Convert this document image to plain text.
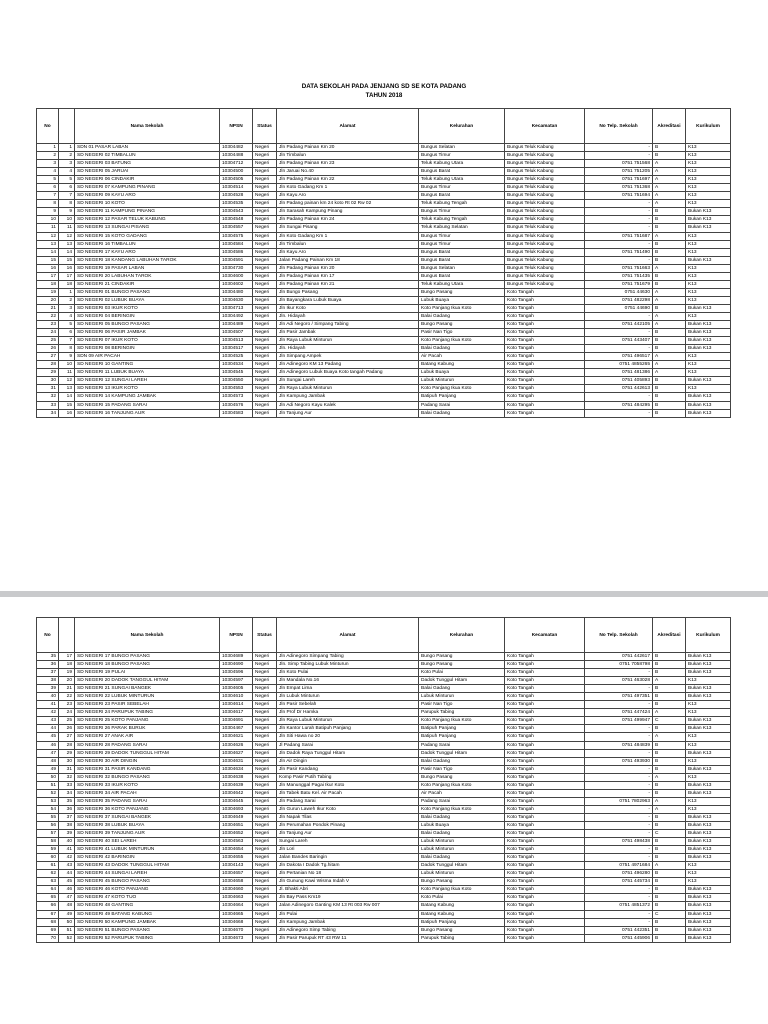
DATA SEKOLAH PADA JENJANG SD SE KOTA PADANG
TAHUN 2018
No		Nama Sekolah	NPSN	Status	Alamat	Kelurahan	Kecamatan	No Telp. Sekolah	Akreditasi	Kurikulum
1	1	SDN 01 PASAR LABAN	10304482	Negeri	Jln Padang Painan Km 20	Bungus Selatan	Bungus Teluk Kabung	-	B	K13
2	2	SD NEGERI 02 TIMBALUN	10304488	Negeri	Jln Timbalun	Bungus Timur	Bungus Teluk Kabung	-	B	K13
3	3	SD NEGERI 03 BATUNG	10304712	Negeri	Jln Padang Painan Km 23	Teluk Kabung Utara	Bungus Teluk Kabung	0751 751568	A	K13
4	4	SD NEGERI 05 JARUAI	10304500	Negeri	Jln Jaruai No.40	Bungus Barat	Bungus Teluk Kabung	0751 751205	A	K13
5	5	SD NEGERI 06 CINDAKIR	10304505	Negeri	Jln Padang Painan Km 22	Teluk Kabung Utara	Bungus Teluk Kabung	0751 751697	A	K13
6	6	SD NEGERI 07 KAMPUNG PINANG	10304514	Negeri	Jln Koto Gadang Km 1	Bungus Timur	Bungus Teluk Kabung	0751 751368	A	K13
7	7	SD NEGERI 09 KAYU ARO	10304528	Negeri	Jln Kayu Aro	Bungus Barat	Bungus Teluk Kabung	0751 751694	A	K13
8	8	SD NEGERI 10 KOTO	10304535	Negeri	Jln Padang painan km 24 koto Rt 02 Rw 02	Teluk Kabung Tengah	Bungus Teluk Kabung	-	A	K13
9	9	SD NEGERI 11 KAMPUNG PINANG	10304543	Negeri	Jln Sarasah Kampung Pinang	Bungus Timur	Bungus Teluk Kabung	-	B	Bukan K13
10	10	SD NEGERI 12 PASAR TELUK KABUNG	10304548	Negeri	Jln Padang Painan Km 24	Teluk Kabung Tengah	Bungus Teluk Kabung	-	B	Bukan K13
11	11	SD NEGERI 13 SUNGAI PISANG	10304557	Negeri	Jln Sungai Pisang	Teluk Kabung Selatan	Bungus Teluk Kabung	-	B	Bukan K13
12	12	SD NEGERI 15 KOTO GADANG	10304575	Negeri	Jln Koto Gadang Km 1	Bungus Timur	Bungus Teluk Kabung	0751 751687	A	K13
13	13	SD NEGERI 16 TIMBALUN	10304584	Negeri	Jln Timbalun	Bungus Timur	Bungus Teluk Kabung	-	B	K13
14	14	SD NEGERI 17 KAYU ARO	10304586	Negeri	Jln Kayu Aro	Bungus Barat	Bungus Teluk Kabung	0751 751490	B	K13
15	15	SD NEGERI 18 KANDANG LABUHAN TAROK	10304591	Negeri	Jalan Padang Painan Km 18	Bungus Barat	Bungus Teluk Kabung	-	B	Bukan K13
16	16	SD NEGERI 19 PASAR LABAN	10304730	Negeri	Jln Padang Painan Km 20	Bungus Selatan	Bungus Teluk Kabung	0751 751663	A	K13
17	17	SD NEGERI 20 LABUHAN TAROK	10304600	Negeri	Jln Padang Painan Km 17	Bungus Barat	Bungus Teluk Kabung	0751 751435	B	K13
18	18	SD NEGERI 21 CINDAKIR	10304602	Negeri	Jln Padang Painan Km 21	Teluk Kabung Utara	Bungus Teluk Kabung	0751 751679	B	K13
19	1	SD NEGERI 01 BUNGO PASANG	10304480	Negeri	Jln Bungo Pasang	Bungo Pasang	Koto Tangah	0751 44630	A	K13
20	2	SD NEGERI 02 LUBUK BUAYA	10304630	Negeri	Jln Bayangkara Lubuk Buaya	Lubuk Buaya	Koto Tangah	0751 482298	A	K13
21	3	SD NEGERI 03 IKUR KOTO	10304713	Negeri	Jln Ikur Koto	Koto Panjang Ikua Koto	Koto Tangah	0751 44690	B	Bukan K13
22	4	SD NEGERI 04 BERINGIN	10304492	Negeri	Jln. Hidayah	Balai Gadang	Koto Tangah	-	A	K13
23	5	SD NEGERI 05 BUNGO PASANG	10304489	Negeri	Jln Adi Negoro / Simpang Tabing	Bungo Pasang	Koto Tangah	0751 442105	A	Bukan K13
24	6	SD NEGERI 06 PASIR JAMBAK	10304507	Negeri	Jln Pasir Jambak	Pasir Nan Tigo	Koto Tangah	-	B	Bukan K13
25	7	SD NEGERI 07 IKUR KOTO	10304513	Negeri	Jln Raya Lubuk Minturun	Koto Panjang Ikua Koto	Koto Tangah	0751 443407	B	Bukan K13
26	8	SD NEGERI 08 BERINGIN	10304517	Negeri	Jln. Hidayah	Balai Gadang	Koto Tangah	-	B	Bukan K13
27	9	SDN 09 AIR PACAH	10304525	Negeri	Jln Simpang Ampek	Air Pacah	Koto Tangah	0751 496517	A	K13
28	10	SD NEGERI 10 GANTING	10304534	Negeri	Jln Adinegoro KM 13 Padang	Batang Kabung	Koto Tangah	0751 4855265	A	K13
29	11	SD NEGERI 11 LUBUK BUAYA	10304545	Negeri	Jln Adinegoro Lubuk Buaya Koto tangah Padang	Lubuk Buaya	Koto Tangah	0751 481386	A	K13
30	12	SD NEGERI 12 SUNGAI LAREH	10304550	Negeri	Jln Sungai Lareh	Lubuk Minturun	Koto Tangah	0751 405893	B	Bukan K13
31	13	SD NEGERI 13 IKUR KOTO	10304553	Negeri	Jln Raya Lubuk Minturun	Koto Panjang Ikua Koto	Koto Tangah	0751 442613	B	K13
32	14	SD NEGERI 14 KAMPUNG JAMBAK	10304573	Negeri	Jln Kampung Jambak	Batipuh Panjang	Koto Tangah	-	B	Bukan K13
33	15	SD NEGERI 15 PADANG SARAI	10304576	Negeri	Jln Adi Negoro Kayu Kalek	Padang Sarai	Koto Tangah	0751 484295	B	Bukan K13
34	16	SD NEGERI 16 TANJUNG AUR	10304583	Negeri	Jln Tanjung Aur	Balai Gadang	Koto Tangah	-	B	Bukan K13
No		Nama Sekolah	NPSN	Status	Alamat	Kelurahan	Kecamatan	No Telp. Sekolah	Akreditasi	Kurikulum
35	17	SD NEGERI 17 BUNGO PASANG	10304689	Negeri	Jln Adinegoro Simpang Tabing	Bungo Pasang	Koto Tangah	0751 442617	B	Bukan K13
36	18	SD NEGERI 18 BUNGO PASANG	10304690	Negeri	Jln. Simp Tabing Lubuk Minturun	Bungo Pasang	Koto Tangah	0751 7058798	B	Bukan K13
37	19	SD NEGERI 19 PULAI	10304596	Negeri	Jln Koto Pulai	Koto Pulai	Koto Tangah	-	B	Bukan K13
38	20	SD NEGERI 20 DADOK TANGGUL HITAM	10304597	Negeri	Jln Mandala No.16	Dadok Tunggul Hitam	Koto Tangah	0751 463028	A	K13
39	21	SD NEGERI 21 SUNGAI BANGEK	10304605	Negeri	Jln Empat Lima	Balai Gadang	Koto Tangah	-	B	Bukan K13
40	22	SD NEGERI 22 LUBUK MINTURUN	10304610	Negeri	Jln Lubuk Minturun	Lubuk Minturun	Koto Tangah	0751 497351	B	Bukan K13
41	23	SD NEGERI 23 PASIR SEBELAH	10304614	Negeri	Jln Pasir Sebelah	Pasir Nan Tigo	Koto Tangah	-	B	K13
42	24	SD NEGERI 24 PARUPUK TABING	10304617	Negeri	Jln Prof Dr Hamka	Parupuk Tabing	Koto Tangah	0751 447424	A	K13
43	25	SD NEGERI 25 KOTO PANJANG	10304691	Negeri	Jln Raya Lubuk Minturun	Koto Panjang Ikua Koto	Koto Tangah	0751 499947	C	Bukan K13
44	26	SD NEGERI 26 PARAK BURUK	10304467	Negeri	Jln Kantor Lurah Batipuh Panjang	Batipuh Panjang	Koto Tangah	-	B	Bukan K13
45	27	SD NEGERI 27 ANAK AIR	10304621	Negeri	Jln Siti Hawa no 20	Batipuh Panjang	Koto Tangah	-	A	K13
46	28	SD NEGERI 28 PADANG SARAI	10304626	Negeri	Jl Padang Sarai	Padang Sarai	Koto Tangah	0751 484839	B	K13
47	29	SD NEGERI 29 DADOK TUNGGUL HITAM	10304627	Negeri	Jln Dadok Raya Tunggul Hitam	Dadok Tunggul Hitam	Koto Tangah	-	B	Bukan K13
48	30	SD NEGERI 30 AIR DINGIN	10304631	Negeri	Jln Air Dingin	Balai Gadang	Koto Tangah	0751 493930	B	K13
49	31	SD NEGERI 31 PASIR KANDANG	10304634	Negeri	Jln Pasir Kandang	Pasir Nan Tigo	Koto Tangah	-	B	Bukan K13
50	32	SD NEGERI 32 BUNGO PASANG	10304638	Negeri	Komp Pasir Putih Tabing	Bungo Pasang	Koto Tangah	-	A	K13
51	33	SD NEGERI 33 IKUR KOTO	10304639	Negeri	Jln Manunggal Pagai Ikur Koto	Koto Panjang Ikua Koto	Koto Tangah	-	B	Bukan K13
52	34	SD NEGERI 34 AIR PACAH	10304642	Negeri	Jln Tabek Batu Kel. Air Pacah	Air Pacah	Koto Tangah	-	B	Bukan K13
53	35	SD NEGERI 35 PADANG SARAI	10304645	Negeri	Jln Padang Sarai	Padang Sarai	Koto Tangah	0751 7802963	A	K13
54	36	SD NEGERI 36 KOTO PANJANG	10304693	Negeri	Jln Gurun Laweh Ikur Koto	Koto Panjang Ikua Koto	Koto Tangah	-	A	K13
55	37	SD NEGERI 37 SUNGAI BANGEK	10304649	Negeri	Jln Napak Tilas	Balai Gadang	Koto Tangah	-	B	Bukan K13
56	38	SD NEGERI 38 LUBUK BUAYA	10304651	Negeri	Jln Perumahan Pondok Pinang	Lubuk Buaya	Koto Tangah	-	B	Bukan K13
57	39	SD NEGERI 39 TANJUNG AUR	10304652	Negeri	Jln Tanjung Aur	Balai Gadang	Koto Tangah	-	C	Bukan K13
58	40	SD NEGERI 40 SEI LAREH	10304563	Negeri	Sungai Lareh	Lubuk Minturun	Koto Tangah	0751 498438	B	Bukan K13
59	41	SD NEGERI 41 LUBUK MINTURUN	10304654	Negeri	Jln Lori	Lubuk Minturun	Koto Tangah	-	B	Bukan K13
60	42	SD NEGERI 42 BARINGIN	10304655	Negeri	Jalan Bandes Baringin	Balai Gadang	Koto Tangah	-	B	Bukan K13
61	43	SD NEGERI 43 DADOK TUNGGUL HITAM	10304143	Negeri	Jln Dakota I Dadok Tg.hitam	Dadok Tunggul Hitam	Koto Tangah	0751 4971684	A	K13
62	44	SD NEGERI 44 SUNGAI LAREH	10304657	Negeri	Jln Pertanian No 18	Lubuk Minturun	Koto Tangah	0751 496280	B	K13
63	45	SD NEGERI 45 BUNGO PASANG	10304658	Negeri	Jln Gunung Kawi Wisma Indah V	Bungo Pasang	Koto Tangah	0751 445734	B	K13
64	46	SD NEGERI 46 KOTO PANJANG	10304660	Negeri	Jl. Bhakti Abri	Koto Panjang Ikua Koto	Koto Tangah	-	B	Bukan K13
65	47	SD NEGERI 47 KOTO TUO	10304663	Negeri	Jln Bay Pass Km19	Koto Pulai	Koto Tangah	-	B	Bukan K13
66	48	SD NEGERI 48 GANTING	10304664	Negeri	Jalan Adinegoro Ganting KM 13 Rt 003 Rw 007	Batang Kabung	Koto Tangah	0751 4851372	B	Bukan K13
67	49	SD NEGERI 49 BATANG KABUNG	10304665	Negeri	Jln Pulai	Batang Kabung	Koto Tangah	-	C	Bukan K13
68	50	SD NEGERI 50 KAMPUNG JAMBAK	10304668	Negeri	Jln Kampung Jambak	Batipuh Panjang	Koto Tangah	-	B	Bukan K13
69	51	SD NEGERI 51 BUNGO PASANG	10304670	Negeri	Jln Adinegoro Simp Tabing	Bungo Pasang	Koto Tangah	0751 442351	B	Bukan K13
70	52	SD NEGERI 52 PARUPUK TABING	10304673	Negeri	Jln Pasir Parupuk RT 43 RW 11	Parupuk Tabing	Koto Tangah	0751 445906	B	Bukan K13
